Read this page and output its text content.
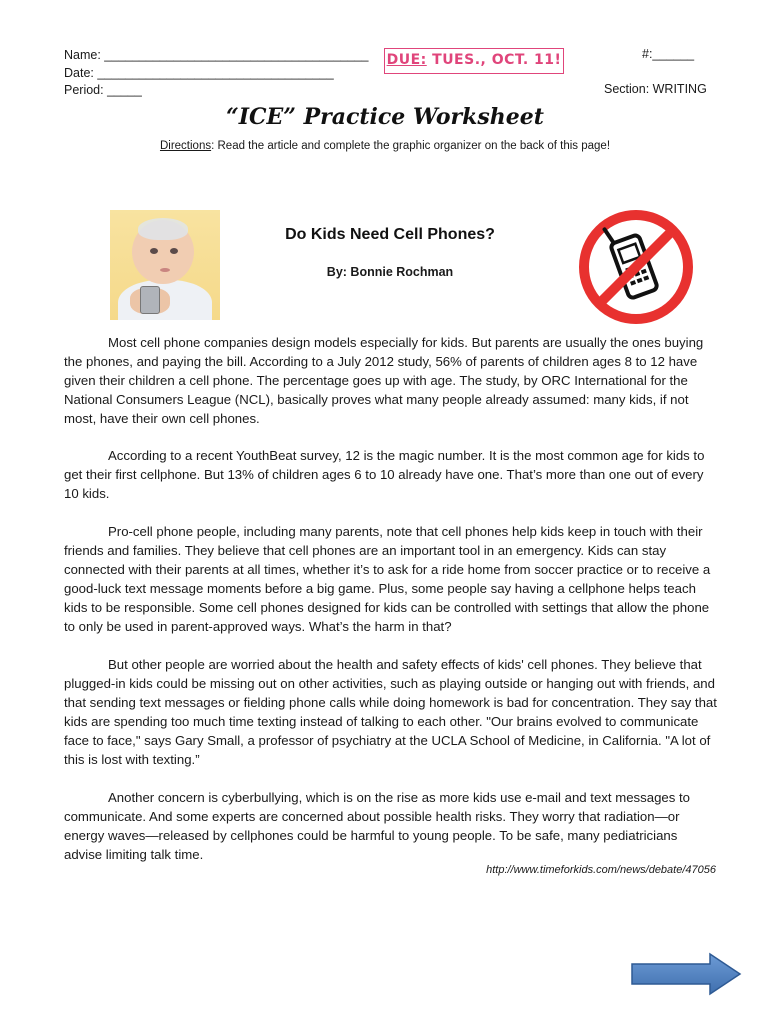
Name: ______________________________________
Date: __________________________________
Period: _____
DUE: TUES., OCT. 11!	#:______
Section: WRITING
“ICE” Practice Worksheet
Directions: Read the article and complete the graphic organizer on the back of this page!
Do Kids Need Cell Phones?
By: Bonnie Rochman

Most cell phone companies design models especially for kids. But parents are usually the ones buying the phones, and paying the bill. According to a July 2012 study, 56% of parents of children ages 8 to 12 have given their children a cell phone. The percentage goes up with age. The study, by ORC International for the National Consumers League (NCL), basically proves what many people already assumed: many kids, if not most, have their own cell phones.

According to a recent YouthBeat survey, 12 is the magic number. It is the most common age for kids to get their first cellphone. But 13% of children ages 6 to 10 already have one. That’s more than one out of every 10 kids.

Pro-cell phone people, including many parents, note that cell phones help kids keep in touch with their friends and families. They believe that cell phones are an important tool in an emergency. Kids can stay connected with their parents at all times, whether it’s to ask for a ride home from soccer practice or to receive a good-luck text message moments before a big game. Plus, some people say having a cellphone helps teach kids to be responsible. Some cell phones designed for kids can be controlled with settings that allow the phone to only be used in parent-approved ways. What’s the harm in that?

But other people are worried about the health and safety effects of kids' cell phones. They believe that plugged-in kids could be missing out on other activities, such as playing outside or hanging out with friends, and that sending text messages or fielding phone calls while doing homework is bad for concentration. They say that kids are spending too much time texting instead of talking to each other. "Our brains evolved to communicate face to face," says Gary Small, a professor of psychiatry at the UCLA School of Medicine, in California. "A lot of this is lost with texting.”

Another concern is cyberbullying, which is on the rise as more kids use e-mail and text messages to communicate. And some experts are concerned about possible health risks. They worry that radiation—or energy waves—released by cellphones could be harmful to young people. To be safe, many pediatricians advise limiting talk time.

http://www.timeforkids.com/news/debate/47056
